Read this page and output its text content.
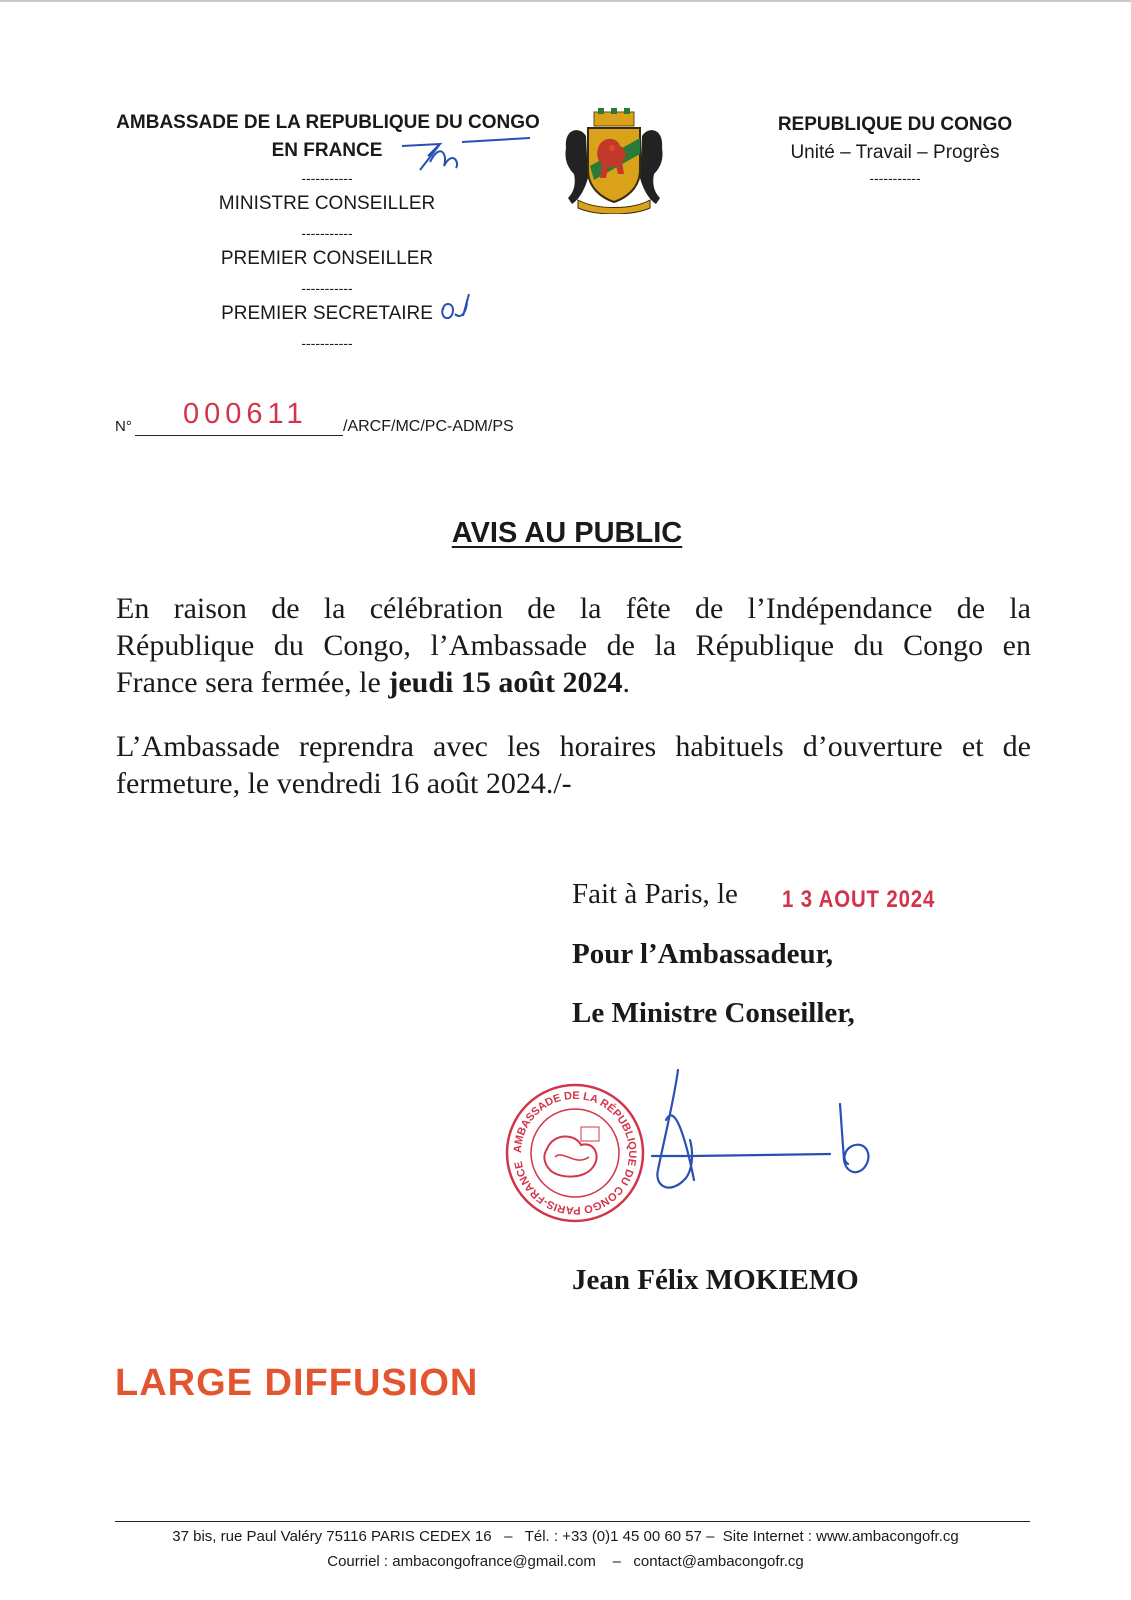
AMBASSADE DE LA REPUBLIQUE DU CONGO
EN FRANCE
-----------
MINISTRE CONSEILLER
-----------
PREMIER CONSEILLER
-----------
PREMIER SECRETAIRE
-----------
REPUBLIQUE DU CONGO
Unité – Travail – Progrès
-----------
N° 000611 /ARCF/MC/PC-ADM/PS
AVIS AU PUBLIC
En raison de la célébration de la fête de l’Indépendance de la
République du Congo, l’Ambassade de la République du Congo en
France sera fermée, le jeudi 15 août 2024.
L’Ambassade reprendra avec les horaires habituels d’ouverture et de
fermeture, le vendredi 16 août 2024./-
Fait à Paris, le 1 3 AOUT 2024
Pour l’Ambassadeur,
Le Ministre Conseiller,
AMBASSADE DE LA RÉPUBLIQUE DU CONGO PARIS-FRANCE
Jean Félix MOKIEMO
LARGE DIFFUSION
37 bis, rue Paul Valéry 75116 PARIS CEDEX 16   –   Tél. : +33 (0)1 45 00 60 57 –  Site Internet : www.ambacongofr.cg
Courriel : ambacongofrance@gmail.com    –   contact@ambacongofr.cg
